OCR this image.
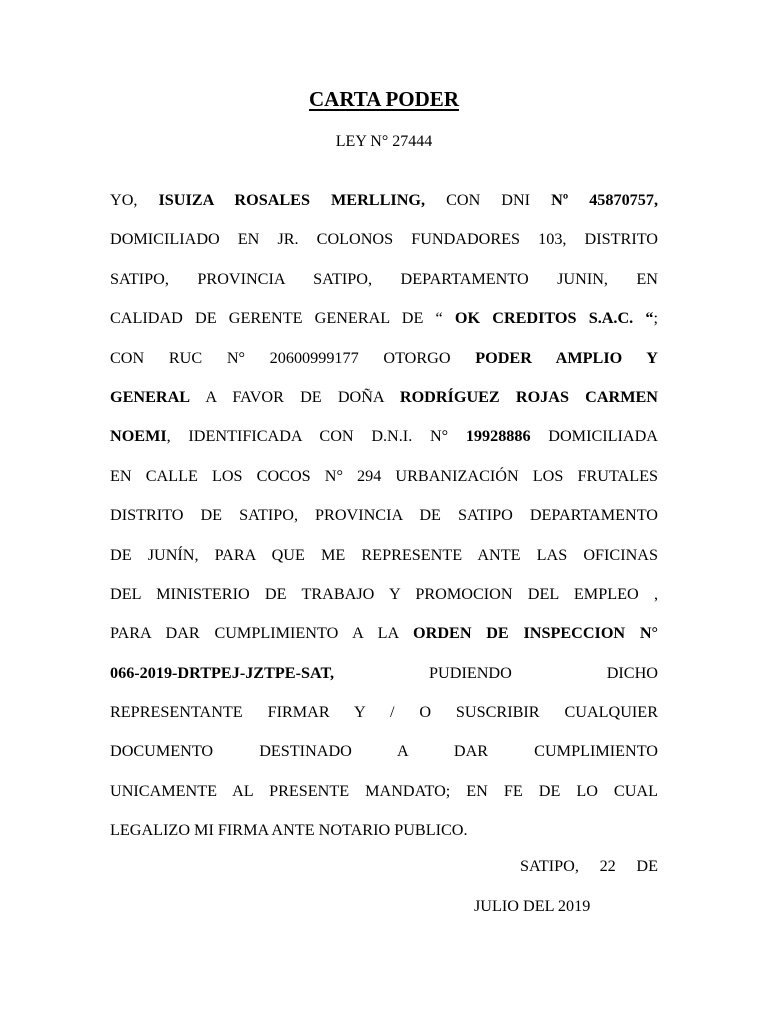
CARTA PODER

LEY N° 27444

YO, ISUIZA ROSALES MERLLING, CON DNI Nº 45870757,
DOMICILIADO EN JR. COLONOS FUNDADORES 103, DISTRITO
SATIPO, PROVINCIA SATIPO, DEPARTAMENTO JUNIN, EN
CALIDAD DE GERENTE GENERAL DE “ OK CREDITOS S.A.C. “;
CON RUC N° 20600999177 OTORGO PODER AMPLIO Y
GENERAL A FAVOR DE DOÑA RODRÍGUEZ ROJAS CARMEN
NOEMI, IDENTIFICADA CON D.N.I. N° 19928886 DOMICILIADA
EN CALLE LOS COCOS N° 294 URBANIZACIÓN LOS FRUTALES
DISTRITO DE SATIPO, PROVINCIA DE SATIPO DEPARTAMENTO
DE JUNÍN, PARA QUE ME REPRESENTE ANTE LAS OFICINAS
DEL MINISTERIO DE TRABAJO Y PROMOCION DEL EMPLEO ,
PARA DAR CUMPLIMIENTO A LA ORDEN DE INSPECCION N°
066-2019-DRTPEJ-JZTPE-SAT, PUDIENDO DICHO
REPRESENTANTE FIRMAR Y / O SUSCRIBIR CUALQUIER
DOCUMENTO DESTINADO A DAR CUMPLIMIENTO
UNICAMENTE AL PRESENTE MANDATO; EN FE DE LO CUAL
LEGALIZO MI FIRMA ANTE NOTARIO PUBLICO.
SATIPO, 22 DE
JULIO DEL 2019
